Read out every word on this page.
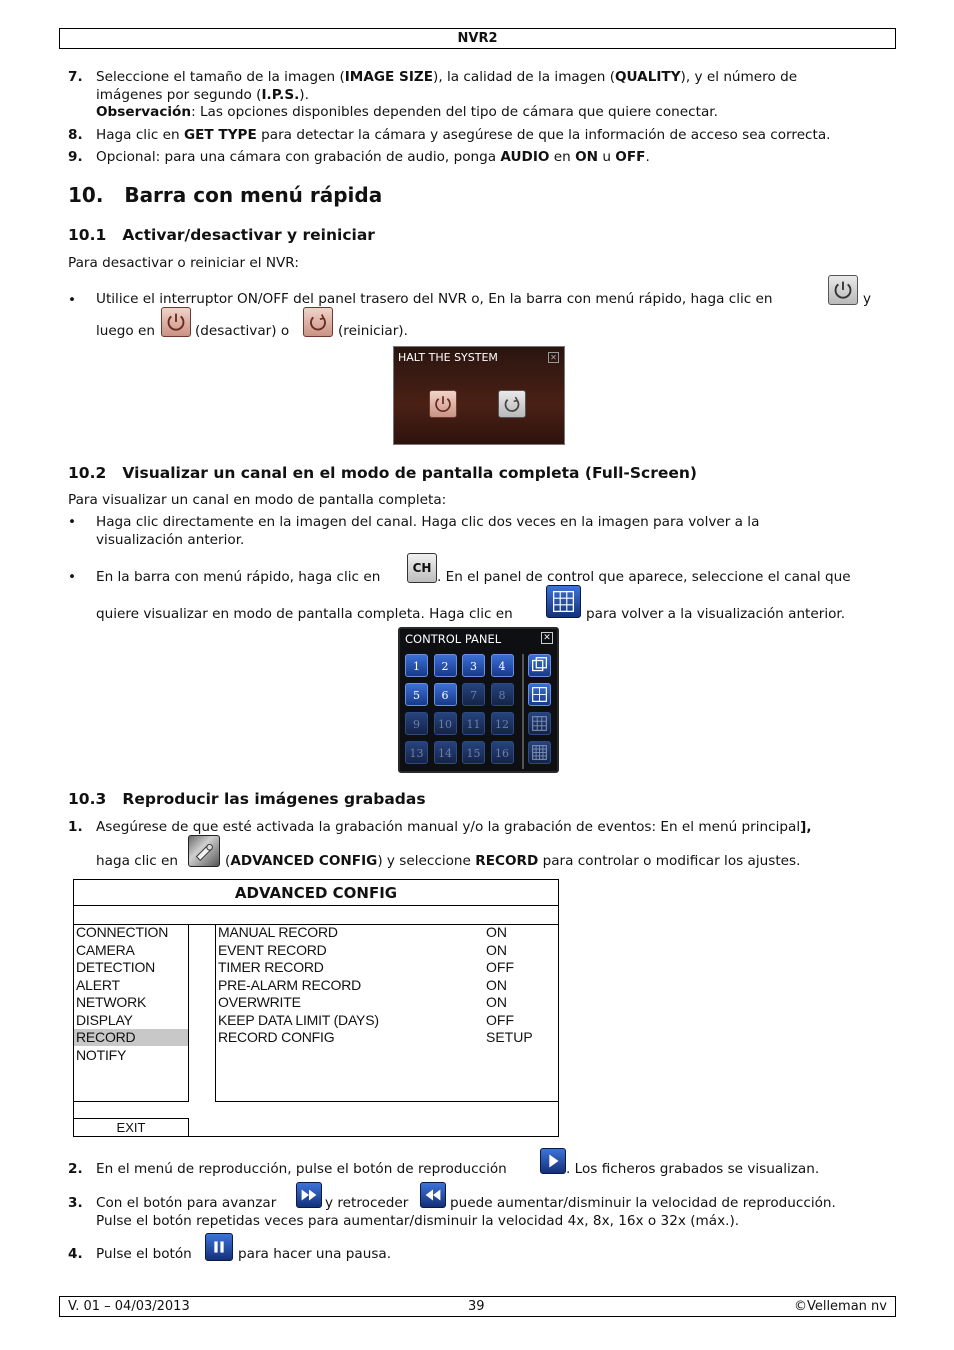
NVR2
7. Seleccione el tamaño de la imagen (IMAGE SIZE), la calidad de la imagen (QUALITY), y el número de
imágenes por segundo (I.P.S.).
Observación: Las opciones disponibles dependen del tipo de cámara que quiere conectar.
8. Haga clic en GET TYPE para detectar la cámara y asegúrese de que la información de acceso sea correcta.
9. Opcional: para una cámara con grabación de audio, ponga AUDIO en ON u OFF.
10.   Barra con menú rápida
10.1   Activar/desactivar y reiniciar
Para desactivar o reiniciar el NVR:
• Utilice el interruptor ON/OFF del panel trasero del NVR o, En la barra con menú rápido, haga clic en	y
luego en	(desactivar) o	(reiniciar).
HALT THE SYSTEM	✕
10.2   Visualizar un canal en el modo de pantalla completa (Full-Screen)
Para visualizar un canal en modo de pantalla completa:
• Haga clic directamente en la imagen del canal. Haga clic dos veces en la imagen para volver a la
visualización anterior.
• En la barra con menú rápido, haga clic en
CH
. En el panel de control que aparece, seleccione el canal que
quiere visualizar en modo de pantalla completa. Haga clic en	para volver a la visualización anterior.
CONTROL PANEL	✕
1	2	3	4
5	6	7	8
9	10	11	12
13	14	15	16
10.3   Reproducir las imágenes grabadas
1. Asegúrese de que esté activada la grabación manual y/o la grabación de eventos: En el menú principal],
haga clic en	(ADVANCED CONFIG) y seleccione RECORD para controlar o modificar los ajustes.
ADVANCED CONFIG
CONNECTION
CAMERA
DETECTION
ALERT
NETWORK
DISPLAY
RECORD
NOTIFY
MANUAL RECORD	ON
EVENT RECORD	ON
TIMER RECORD	OFF
PRE-ALARM RECORD	ON
OVERWRITE	ON
KEEP DATA LIMIT (DAYS)	OFF
RECORD CONFIG	SETUP
EXIT
2. En el menú de reproducción, pulse el botón de reproducción	. Los ficheros grabados se visualizan.
3. Con el botón para avanzar	y retroceder	puede aumentar/disminuir la velocidad de reproducción.
Pulse el botón repetidas veces para aumentar/disminuir la velocidad 4x, 8x, 16x o 32x (máx.).
4. Pulse el botón	para hacer una pausa.
V. 01 – 04/03/2013	39	©Velleman nv
